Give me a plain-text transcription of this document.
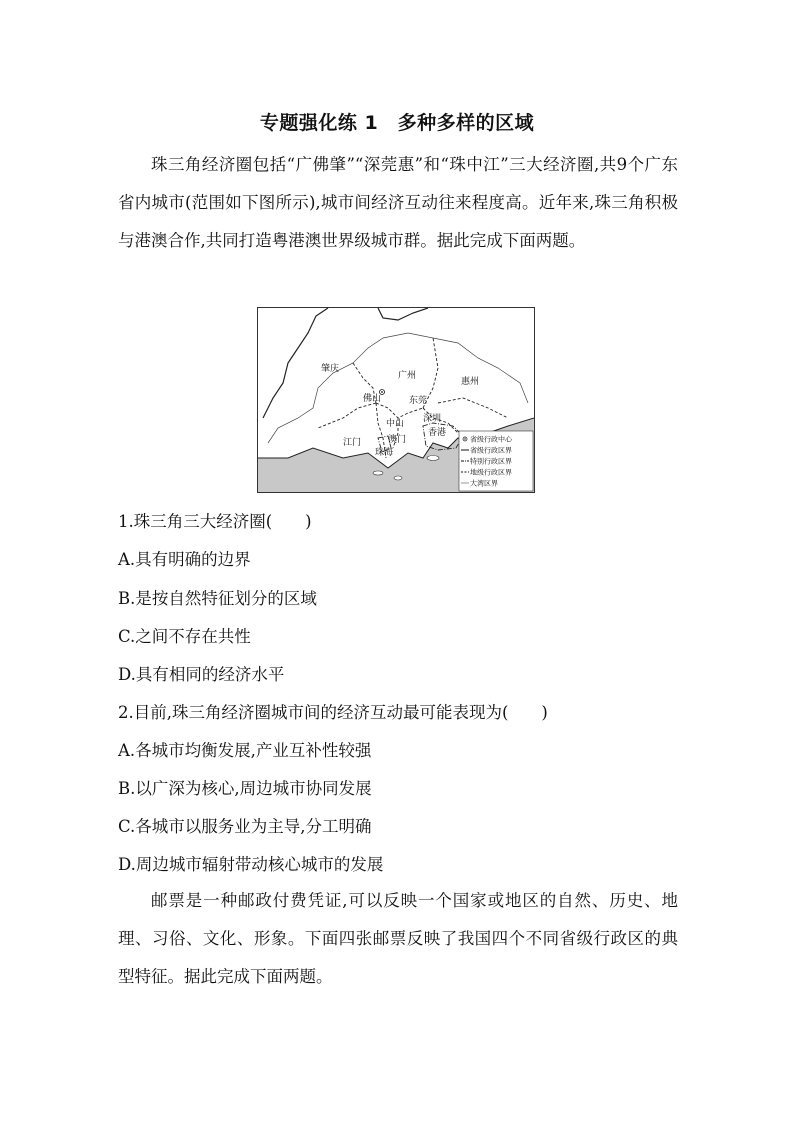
专题强化练 1　多种多样的区域

珠三角经济圈包括“广佛肇”“深莞惠”和“珠中江”三大经济圈,共9个广东省内城市(范围如下图所示),城市间经济互动往来程度高。近年来,珠三角积极与港澳合作,共同打造粤港澳世界级城市群。据此完成下面两题。

肇庆
广州
惠州
佛山	东莞
中山 深圳
香港
江门	澳门
珠海
省级行政中心
省级行政区界
特别行政区界
地级行政区界
大湾区界

1.珠三角三大经济圈(　　)

A.具有明确的边界

B.是按自然特征划分的区域

C.之间不存在共性

D.具有相同的经济水平

2.目前,珠三角经济圈城市间的经济互动最可能表现为(　　)

A.各城市均衡发展,产业互补性较强

B.以广深为核心,周边城市协同发展

C.各城市以服务业为主导,分工明确

D.周边城市辐射带动核心城市的发展

邮票是一种邮政付费凭证,可以反映一个国家或地区的自然、历史、地理、习俗、文化、形象。下面四张邮票反映了我国四个不同省级行政区的典型特征。据此完成下面两题。
